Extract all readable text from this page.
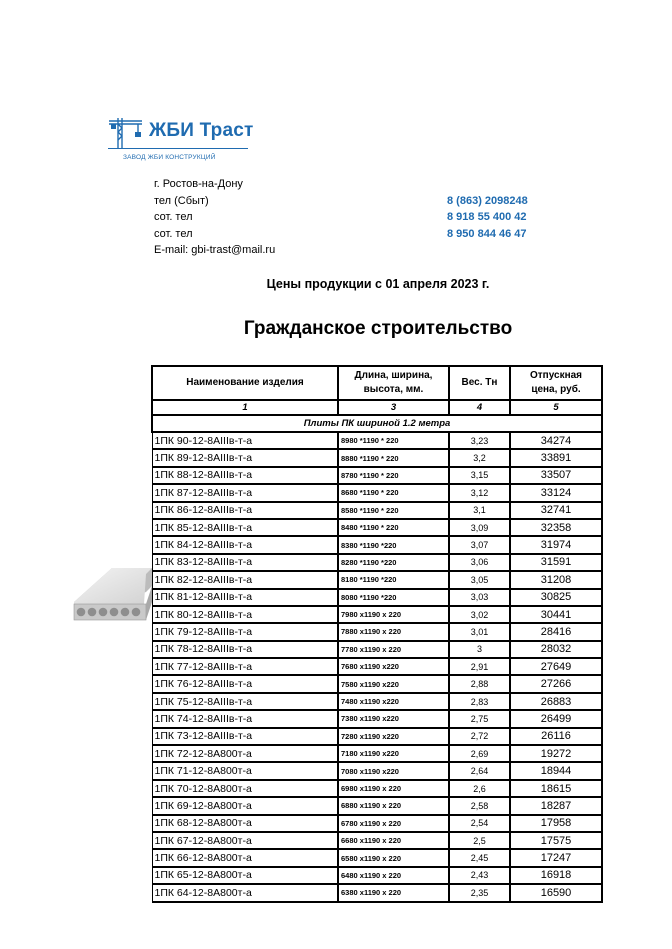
ЖБИ Траст
ЗАВОД ЖБИ КОНСТРУКЦИЙ
г. Ростов-на-Дону
тел (Сбыт)	8 (863) 2098248
сот. тел	8 918 55 400 42
сот. тел	8 950 844 46 47
E-mail: gbi-trast@mail.ru
Цены продукции с 01 апреля 2023 г.
Гражданское строительство
Наименование изделия	Длина, ширина,
высота, мм.	Вес. Тн	Отпускная
цена, руб.
1	3	4	5
Плиты ПК шириной 1.2 метра			
1ПК 90-12-8АIIIв-т-а	8980 *1190 * 220	3,23	34274
1ПК 89-12-8АIIIв-т-а	8880 *1190 * 220	3,2	33891
1ПК 88-12-8АIIIв-т-а	8780 *1190 * 220	3,15	33507
1ПК 87-12-8АIIIв-т-а	8680 *1190 * 220	3,12	33124
1ПК 86-12-8АIIIв-т-а	8580 *1190 * 220	3,1	32741
1ПК 85-12-8АIIIв-т-а	8480 *1190 * 220	3,09	32358
1ПК 84-12-8АIIIв-т-а	8380 *1190 *220	3,07	31974
1ПК 83-12-8АIIIв-т-а	8280 *1190 *220	3,06	31591
1ПК 82-12-8АIIIв-т-а	8180 *1190 *220	3,05	31208
1ПК 81-12-8АIIIв-т-а	8080 *1190 *220	3,03	30825
1ПК 80-12-8АIIIв-т-а	7980 x1190 x 220	3,02	30441
1ПК 79-12-8АIIIв-т-а	7880 x1190 x 220	3,01	28416
1ПК 78-12-8АIIIв-т-а	7780 x1190 x 220	3	28032
1ПК 77-12-8АIIIв-т-а	7680 x1190 x220	2,91	27649
1ПК 76-12-8АIIIв-т-а	7580 x1190 x220	2,88	27266
1ПК 75-12-8АIIIв-т-а	7480 x1190 x220	2,83	26883
1ПК 74-12-8АIIIв-т-а	7380 x1190 x220	2,75	26499
1ПК 73-12-8АIIIв-т-а	7280 x1190 x220	2,72	26116
1ПК 72-12-8А800т-а	7180 x1190 x220	2,69	19272
1ПК 71-12-8А800т-а	7080 x1190 x220	2,64	18944
1ПК 70-12-8А800т-а	6980 x1190 x 220	2,6	18615
1ПК 69-12-8А800т-а	6880 x1190 x 220	2,58	18287
1ПК 68-12-8А800т-а	6780 x1190 x 220	2,54	17958
1ПК 67-12-8А800т-а	6680 x1190 x 220	2,5	17575
1ПК 66-12-8А800т-а	6580 x1190 x 220	2,45	17247
1ПК 65-12-8А800т-а	6480 x1190 x 220	2,43	16918
1ПК 64-12-8А800т-а	6380 x1190 x 220	2,35	16590
